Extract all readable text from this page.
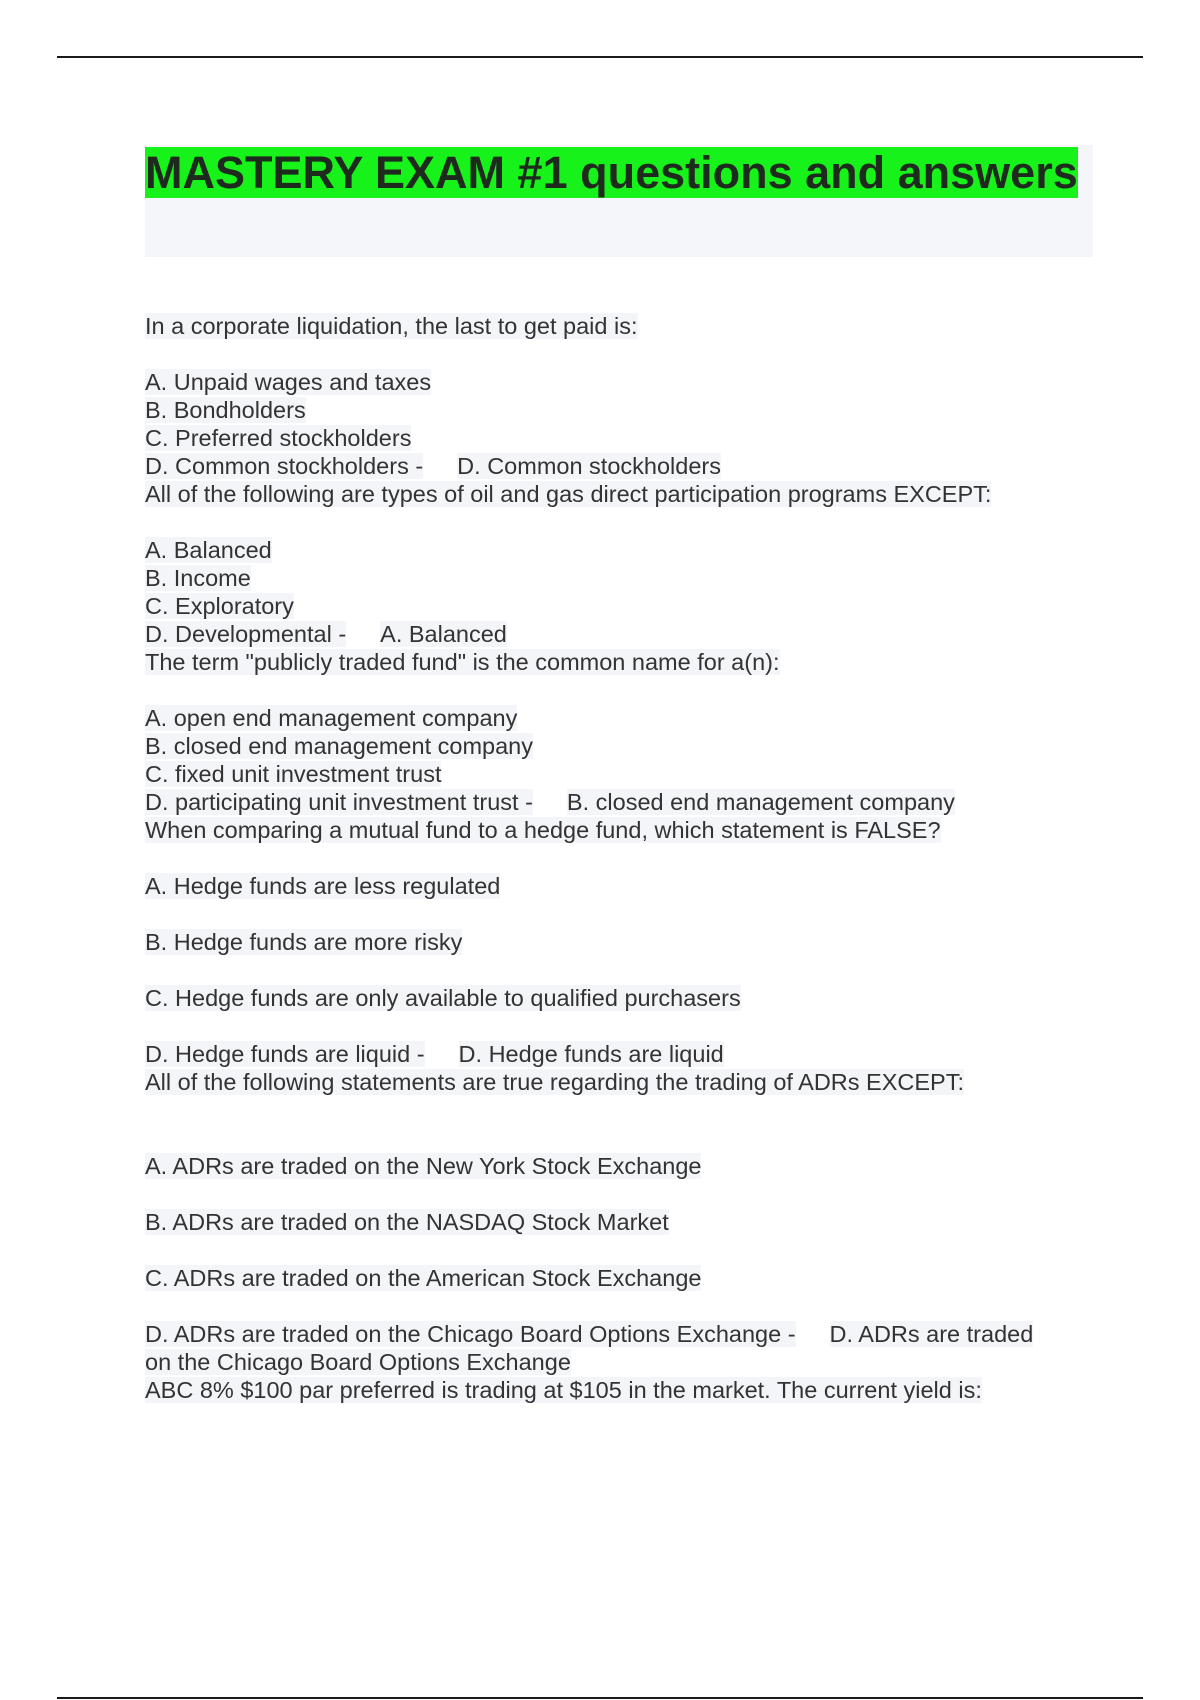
MASTERY EXAM #1 questions and answers
In a corporate liquidation, the last to get paid is:
A. Unpaid wages and taxes
B. Bondholders
C. Preferred stockholders
D. Common stockholders - D. Common stockholders
All of the following are types of oil and gas direct participation programs EXCEPT:
A. Balanced
B. Income
C. Exploratory
D. Developmental - A. Balanced
The term "publicly traded fund" is the common name for a(n):
A. open end management company
B. closed end management company
C. fixed unit investment trust
D. participating unit investment trust - B. closed end management company
When comparing a mutual fund to a hedge fund, which statement is FALSE?
A. Hedge funds are less regulated
B. Hedge funds are more risky
C. Hedge funds are only available to qualified purchasers
D. Hedge funds are liquid - D. Hedge funds are liquid
All of the following statements are true regarding the trading of ADRs EXCEPT:
A. ADRs are traded on the New York Stock Exchange
B. ADRs are traded on the NASDAQ Stock Market
C. ADRs are traded on the American Stock Exchange
D. ADRs are traded on the Chicago Board Options Exchange - D. ADRs are traded
on the Chicago Board Options Exchange
ABC 8% $100 par preferred is trading at $105 in the market. The current yield is:
